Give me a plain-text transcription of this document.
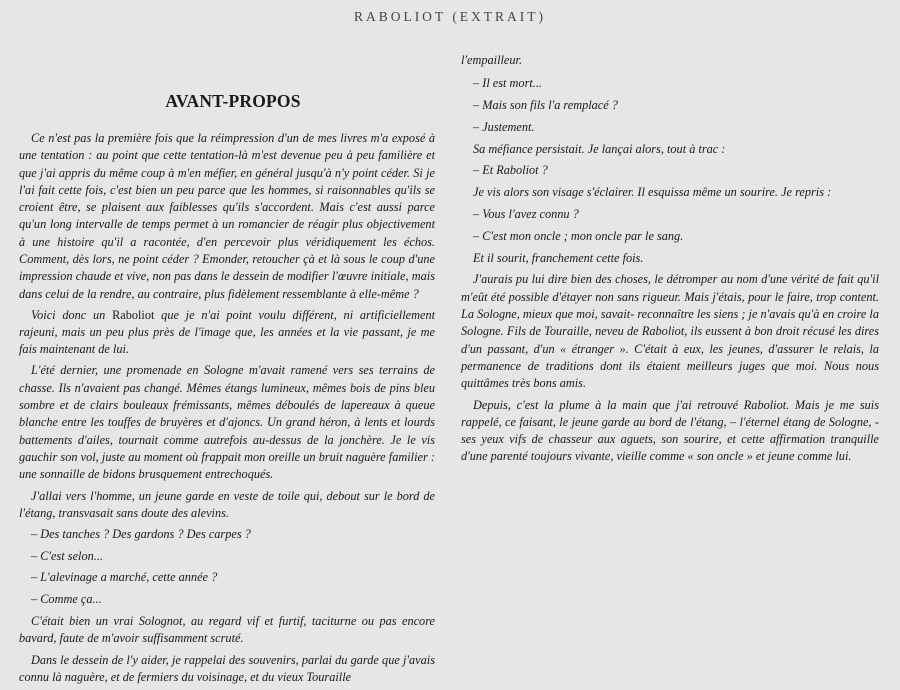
RABOLIOT (EXTRAIT)
AVANT-PROPOS

Ce n'est pas la première fois que la réimpression d'un de mes livres m'a exposé à une tentation : au point que cette tentation-là m'est devenue peu à peu familière et que j'ai appris du même coup à m'en méfier, en général jusqu'à n'y point céder. Si je l'ai fait cette fois, c'est bien un peu parce que les hommes, si raisonnables qu'ils se croient être, se plaisent aux faiblesses qu'ils s'accordent. Mais c'est aussi parce qu'un long intervalle de temps permet à un romancier de réagir plus objectivement à une histoire qu'il a racontée, d'en percevoir plus véridiquement les échos. Comment, dès lors, ne point céder ? Emonder, retoucher çà et là sous le coup d'une impression chaude et vive, non pas dans le dessein de modifier l'œuvre initiale, mais dans celui de la rendre, au contraire, plus fidèlement ressemblante à elle-même ?

Voici donc un Raboliot que je n'ai point voulu différent, ni artificiellement rajeuni, mais un peu plus près de l'image que, les années et la vie passant, je me fais maintenant de lui.

L'été dernier, une promenade en Sologne m'avait ramené vers ses terrains de chasse. Ils n'avaient pas changé. Mêmes étangs lumineux, mêmes bois de pins bleu sombre et de clairs bouleaux frémissants, mêmes déboulés de lapereaux à queue blanche entre les touffes de bruyères et d'ajoncs. Un grand héron, à lents et lourds battements d'ailes, tournait comme autrefois au-dessus de la jonchère. Je le vis gauchir son vol, juste au moment où frappait mon oreille un bruit naguère familier : une sonnaille de bidons brusquement entrechoqués.

J'allai vers l'homme, un jeune garde en veste de toile qui, debout sur le bord de l'étang, transvasait sans doute des alevins.

– Des tanches ? Des gardons ? Des carpes ?

– C'est selon...

– L'alevinage a marché, cette année ?

– Comme ça...

C'était bien un vrai Solognot, au regard vif et furtif, taciturne ou pas encore bavard, faute de m'avoir suffisamment scruté.

Dans le dessein de l'y aider, je rappelai des souvenirs, parlai du garde que j'avais connu là naguère, et de fermiers du voisinage, et du vieux Touraille

l'empailleur.

– Il est mort...

– Mais son fils l'a remplacé ?

– Justement.

Sa méfiance persistait. Je lançai alors, tout à trac :

– Et Raboliot ?

Je vis alors son visage s'éclairer. Il esquissa même un sourire. Je repris :

– Vous l'avez connu ?

– C'est mon oncle ; mon oncle par le sang.

Et il sourit, franchement cette fois.

J'aurais pu lui dire bien des choses, le détromper au nom d'une vérité de fait qu'il m'eût été possible d'étayer non sans rigueur. Mais j'étais, pour le faire, trop content. La Sologne, mieux que moi, savait- reconnaître les siens ; je n'avais qu'à en croire la Sologne. Fils de Touraille, neveu de Raboliot, ils eussent à bon droit récusé les dires d'un passant, d'un « étranger ». C'était à eux, les jeunes, d'assurer le relais, la permanence de traditions dont ils étaient meilleurs juges que moi. Nous nous quittâmes très bons amis.

Depuis, c'est la plume à la main que j'ai retrouvé Raboliot. Mais je me suis rappelé, ce faisant, le jeune garde au bord de l'étang, – l'éternel étang de Sologne, - ses yeux vifs de chasseur aux aguets, son sourire, et cette affirmation tranquille d'une parenté toujours vivante, vieille comme « son oncle » et jeune comme lui.
